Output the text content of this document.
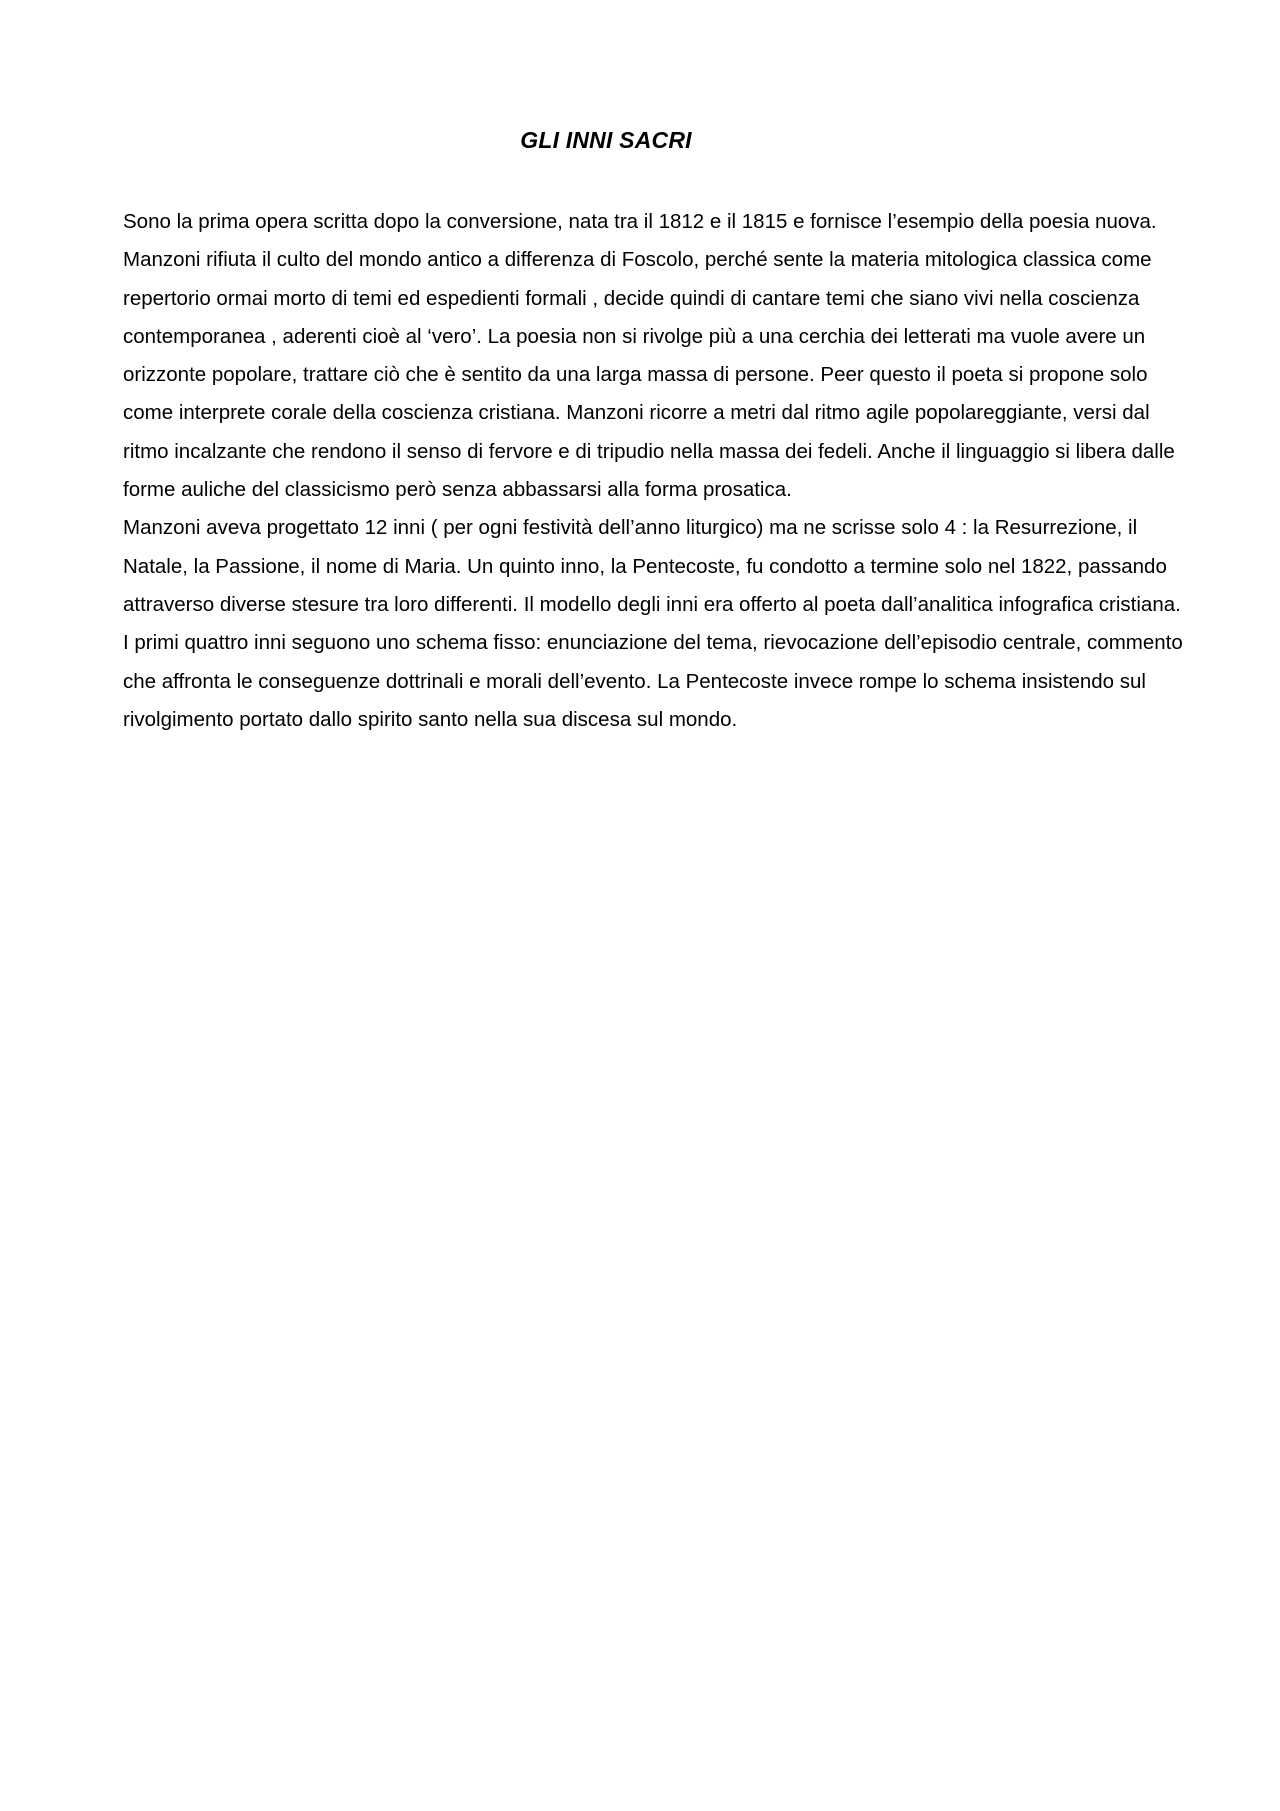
GLI INNI SACRI

Sono la prima opera scritta dopo la conversione, nata tra il 1812 e il 1815 e fornisce l’esempio della poesia nuova. Manzoni rifiuta il culto del mondo antico a differenza di Foscolo, perché sente la materia mitologica classica come repertorio ormai morto di temi ed espedienti formali , decide quindi di cantare temi che siano vivi nella coscienza contemporanea , aderenti cioè al ‘vero’. La poesia non si rivolge più a una cerchia dei letterati ma vuole avere un orizzonte popolare, trattare ciò che è sentito da una larga massa di persone. Peer questo il poeta si propone solo come interprete corale della coscienza cristiana. Manzoni ricorre a metri dal ritmo agile popolareggiante, versi dal ritmo incalzante che rendono il senso di fervore e di tripudio nella massa dei fedeli. Anche il linguaggio si libera dalle forme auliche del classicismo però senza abbassarsi alla forma prosatica.

Manzoni aveva progettato 12 inni ( per ogni festività dell’anno liturgico) ma ne scrisse solo 4 : la Resurrezione, il Natale, la Passione, il nome di Maria. Un quinto inno, la Pentecoste, fu condotto a termine solo nel 1822, passando attraverso diverse stesure tra loro differenti. Il modello degli inni era offerto al poeta dall’analitica infografica cristiana. I primi quattro inni seguono uno schema fisso: enunciazione del tema, rievocazione dell’episodio centrale, commento che affronta le conseguenze dottrinali e morali dell’evento. La Pentecoste invece rompe lo schema insistendo sul rivolgimento portato dallo spirito santo nella sua discesa sul mondo.
